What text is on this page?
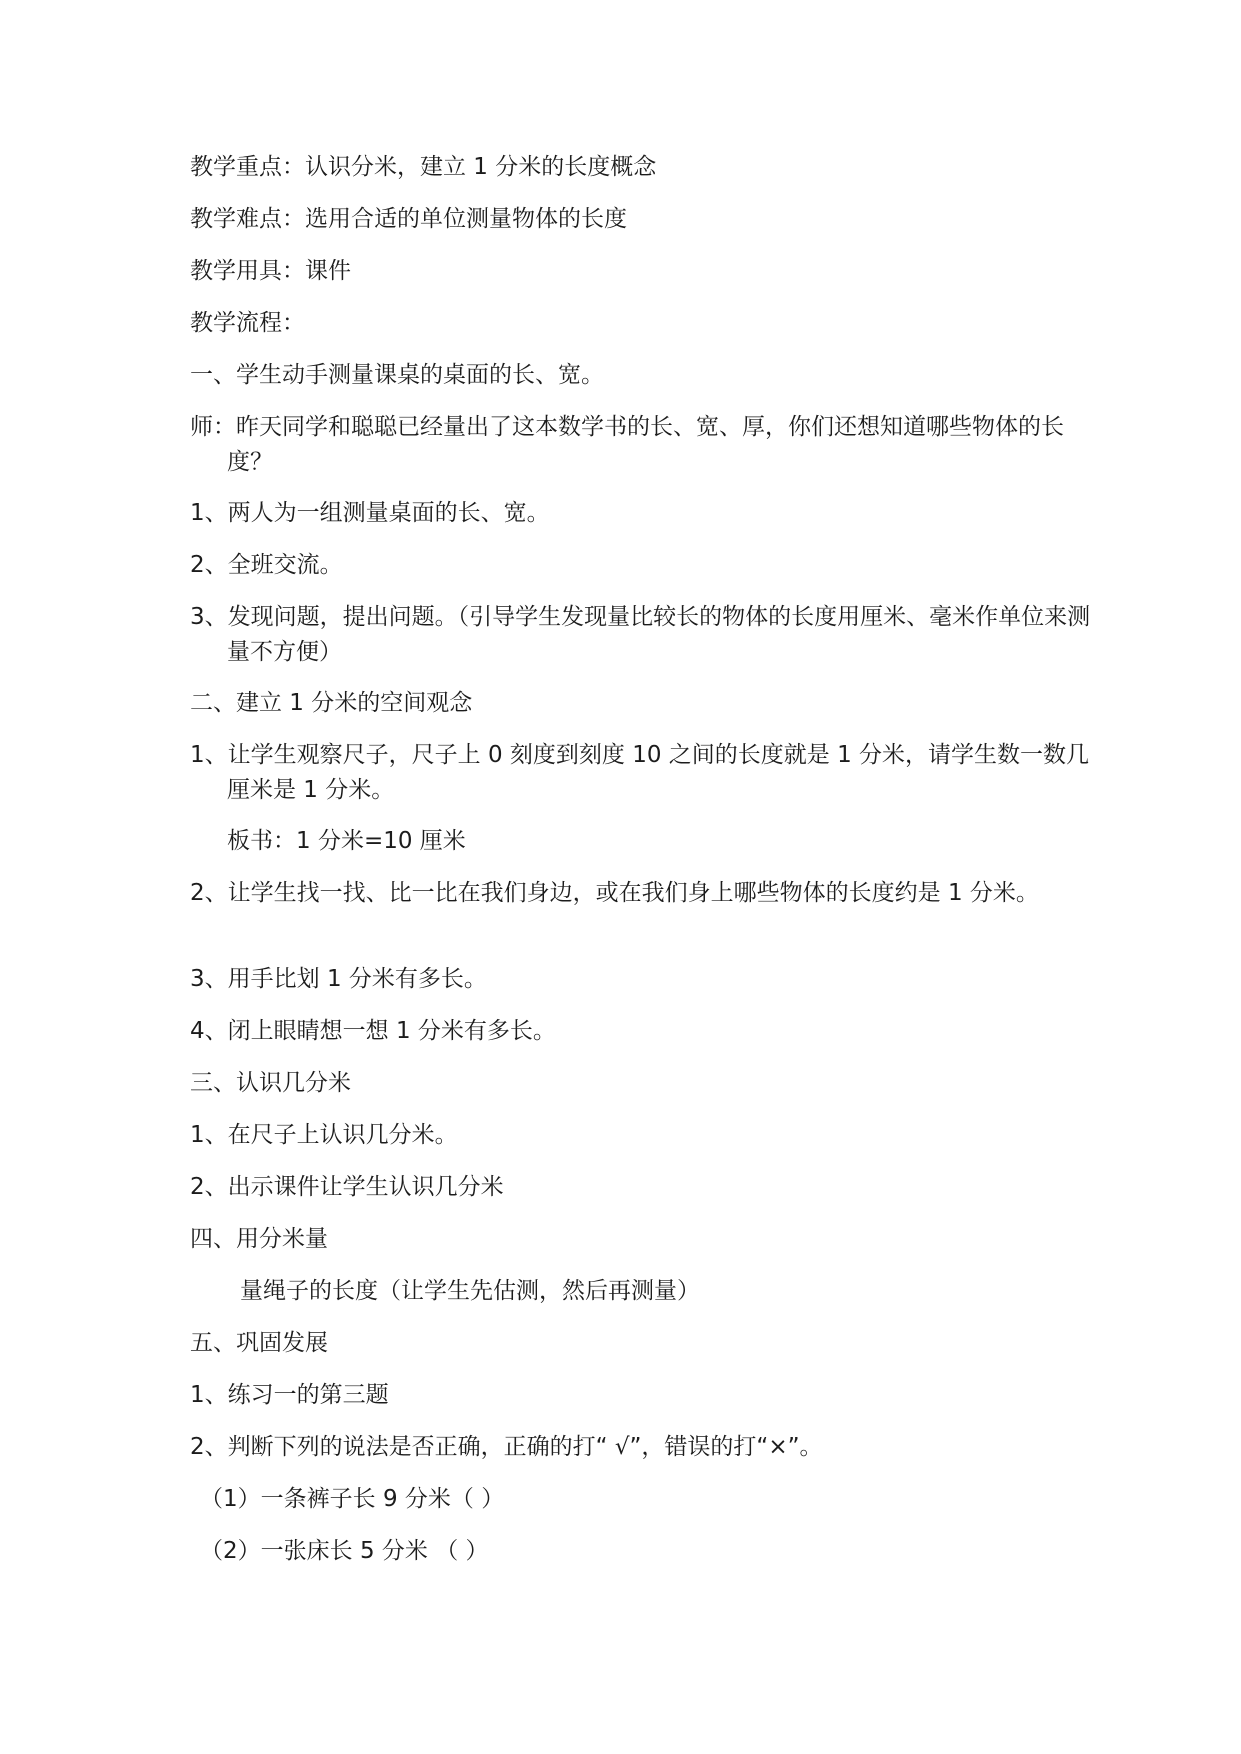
教学重点：认识分米，建立 1 分米的长度概念
教学难点：选用合适的单位测量物体的长度
教学用具：课件
教学流程：
一、学生动手测量课桌的桌面的长、宽。
师：昨天同学和聪聪已经量出了这本数学书的长、宽、厚，你们还想知道哪些物体的长度？
1、两人为一组测量桌面的长、宽。
2、全班交流。
3、发现问题，提出问题。（引导学生发现量比较长的物体的长度用厘米、毫米作单位来测量不方便）
二、建立 1 分米的空间观念
1、让学生观察尺子，尺子上 0 刻度到刻度 10 之间的长度就是 1 分米，请学生数一数几厘米是 1 分米。
板书：1 分米=10 厘米
2、让学生找一找、比一比在我们身边，或在我们身上哪些物体的长度约是 1 分米。
3、用手比划 1 分米有多长。
4、闭上眼睛想一想 1 分米有多长。
三、认识几分米
1、在尺子上认识几分米。
2、出示课件让学生认识几分米
四、用分米量
量绳子的长度（让学生先估测，然后再测量）
五、巩固发展
1、练习一的第三题
2、判断下列的说法是否正确，正确的打“ √”，错误的打“×”。
（1）一条裤子长 9 分米（ ）
（2）一张床长 5 分米 （ ）
